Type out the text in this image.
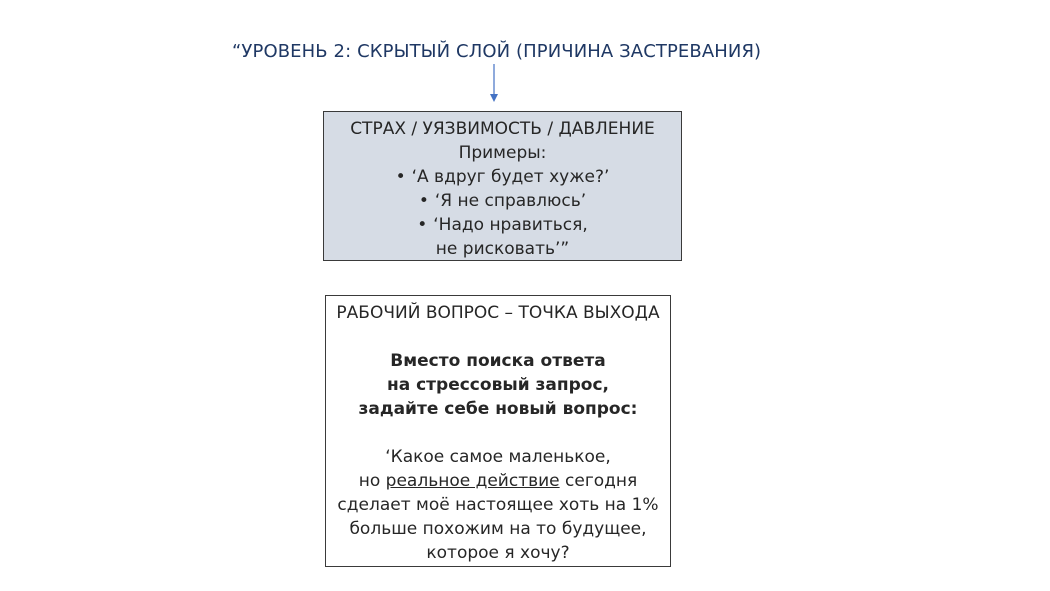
“УРОВЕНЬ 2: СКРЫТЫЙ СЛОЙ (ПРИЧИНА ЗАСТРЕВАНИЯ)
СТРАХ / УЯЗВИМОСТЬ / ДАВЛЕНИЕ
Примеры:
• ‘А вдруг будет хуже?’
• ‘Я не справлюсь’
• ‘Надо нравиться,
не рисковать’”
РАБОЧИЙ ВОПРОС – ТОЧКА ВЫХОДА
Вместо поиска ответа
на стрессовый запрос,
задайте себе новый вопрос:
‘Какое самое маленькое,
но реальное действие сегодня
сделает моё настоящее хоть на 1%
больше похожим на то будущее,
которое я хочу?
